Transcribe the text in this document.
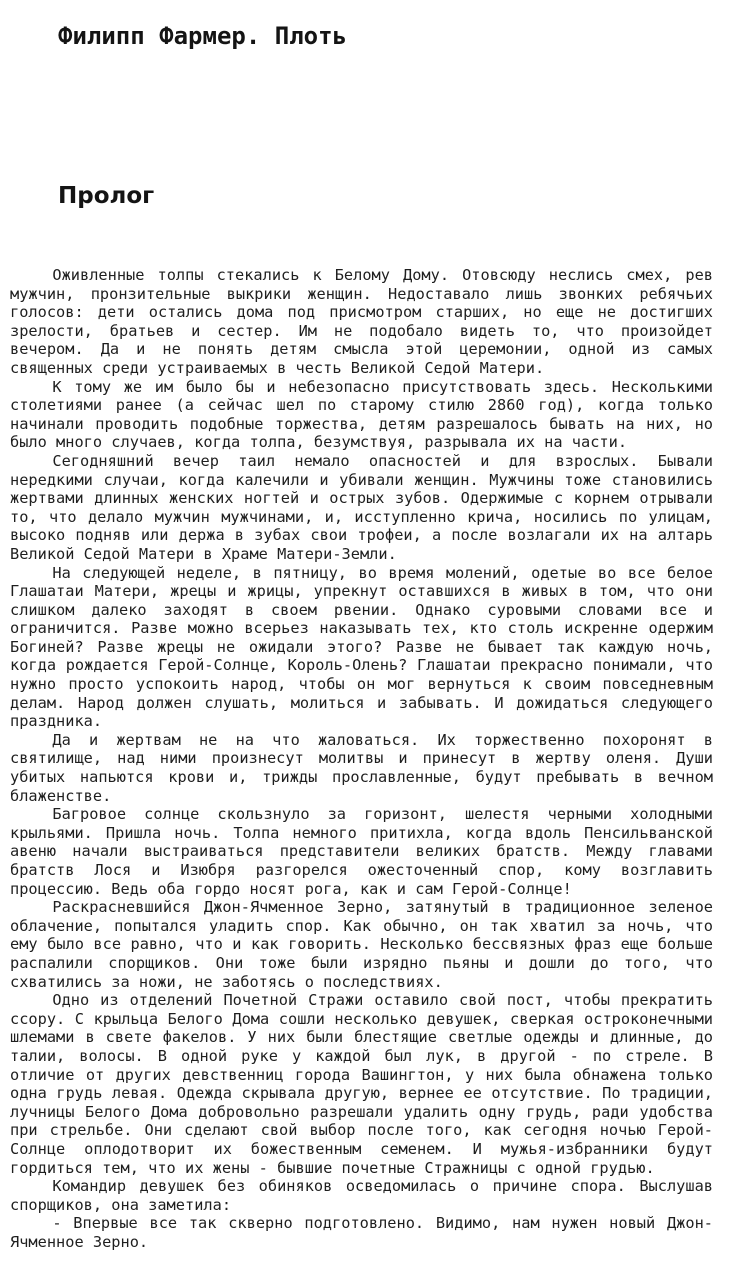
Филипп Фармер. Плоть
Пролог

Оживленные толпы стекались к Белому Дому. Отовсюду неслись смех, рев мужчин, пронзительные выкрики женщин. Недоставало лишь звонких ребячьих голосов: дети остались дома под присмотром старших, но еще не достигших зрелости, братьев и сестер. Им не подобало видеть то, что произойдет вечером. Да и не понять детям смысла этой церемонии, одной из самых священных среди устраиваемых в честь Великой Седой Матери.

К тому же им было бы и небезопасно присутствовать здесь. Несколькими столетиями ранее (а сейчас шел по старому стилю 2860 год), когда только начинали проводить подобные торжества, детям разрешалось бывать на них, но было много случаев, когда толпа, безумствуя, разрывала их на части.

Сегодняшний вечер таил немало опасностей и для взрослых. Бывали нередкими случаи, когда калечили и убивали женщин. Мужчины тоже становились жертвами длинных женских ногтей и острых зубов. Одержимые с корнем отрывали то, что делало мужчин мужчинами, и, исступленно крича, носились по улицам, высоко подняв или держа в зубах свои трофеи, а после возлагали их на алтарь Великой Седой Матери в Храме Матери-Земли.

На следующей неделе, в пятницу, во время молений, одетые во все белое Глашатаи Матери, жрецы и жрицы, упрекнут оставшихся в живых в том, что они слишком далеко заходят в своем рвении. Однако суровыми словами все и ограничится. Разве можно всерьез наказывать тех, кто столь искренне одержим Богиней? Разве жрецы не ожидали этого? Разве не бывает так каждую ночь, когда рождается Герой-Солнце, Король-Олень? Глашатаи прекрасно понимали, что нужно просто успокоить народ, чтобы он мог вернуться к своим повседневным делам. Народ должен слушать, молиться и забывать. И дожидаться следующего праздника.

Да и жертвам не на что жаловаться. Их торжественно похоронят в святилище, над ними произнесут молитвы и принесут в жертву оленя. Души убитых напьются крови и, трижды прославленные, будут пребывать в вечном блаженстве.

Багровое солнце скользнуло за горизонт, шелестя черными холодными крыльями. Пришла ночь. Толпа немного притихла, когда вдоль Пенсильванской авеню начали выстраиваться представители великих братств. Между главами братств Лося и Изюбря разгорелся ожесточенный спор, кому возглавить процессию. Ведь оба гордо носят рога, как и сам Герой-Солнце!

Раскрасневшийся Джон-Ячменное Зерно, затянутый в традиционное зеленое облачение, попытался уладить спор. Как обычно, он так хватил за ночь, что ему было все равно, что и как говорить. Несколько бессвязных фраз еще больше распалили спорщиков. Они тоже были изрядно пьяны и дошли до того, что схватились за ножи, не заботясь о последствиях.

Одно из отделений Почетной Стражи оставило свой пост, чтобы прекратить ссору. С крыльца Белого Дома сошли несколько девушек, сверкая остроконечными шлемами в свете факелов. У них были блестящие светлые одежды и длинные, до талии, волосы. В одной руке у каждой был лук, в другой - по стреле. В отличие от других девственниц города Вашингтон, у них была обнажена только одна грудь левая. Одежда скрывала другую, вернее ее отсутствие. По традиции, лучницы Белого Дома добровольно разрешали удалить одну грудь, ради удобства при стрельбе. Они сделают свой выбор после того, как сегодня ночью Герой-Солнце оплодотворит их божественным семенем. И мужья-избранники будут гордиться тем, что их жены - бывшие почетные Стражницы с одной грудью.

Командир девушек без обиняков осведомилась о причине спора. Выслушав спорщиков, она заметила:

- Впервые все так скверно подготовлено. Видимо, нам нужен новый Джон-Ячменное Зерно.
